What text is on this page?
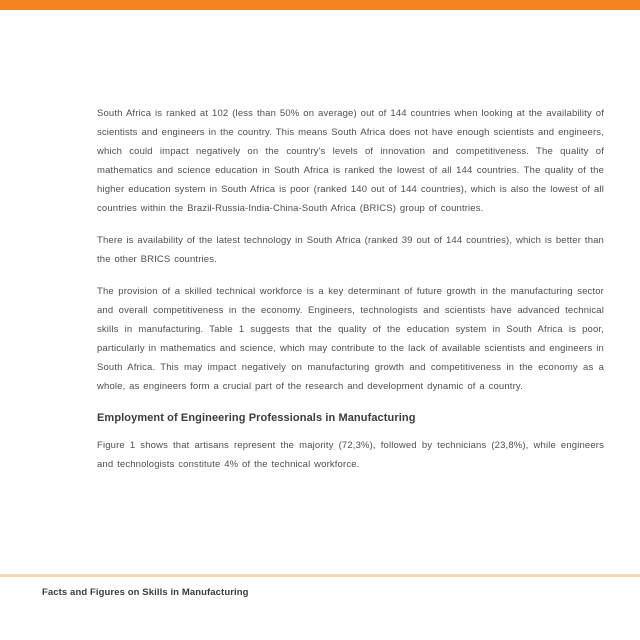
South Africa is ranked at 102 (less than 50% on average) out of 144 countries when looking at the availability of scientists and engineers in the country. This means South Africa does not have enough scientists and engineers, which could impact negatively on the country's levels of innovation and competitiveness. The quality of mathematics and science education in South Africa is ranked the lowest of all 144 countries. The quality of the higher education system in South Africa is poor (ranked 140 out of 144 countries), which is also the lowest of all countries within the Brazil-Russia-India-China-South Africa (BRICS) group of countries.

There is availability of the latest technology in South Africa (ranked 39 out of 144 countries), which is better than the other BRICS countries.

The provision of a skilled technical workforce is a key determinant of future growth in the manufacturing sector and overall competitiveness in the economy. Engineers, technologists and scientists have advanced technical skills in manufacturing. Table 1 suggests that the quality of the education system in South Africa is poor, particularly in mathematics and science, which may contribute to the lack of available scientists and engineers in South Africa. This may impact negatively on manufacturing growth and competitiveness in the economy as a whole, as engineers form a crucial part of the research and development dynamic of a country.

Employment of Engineering Professionals in Manufacturing

Figure 1 shows that artisans represent the majority (72,3%), followed by technicians (23,8%), while engineers and technologists constitute 4% of the technical workforce.

Facts and Figures on Skills in Manufacturing
